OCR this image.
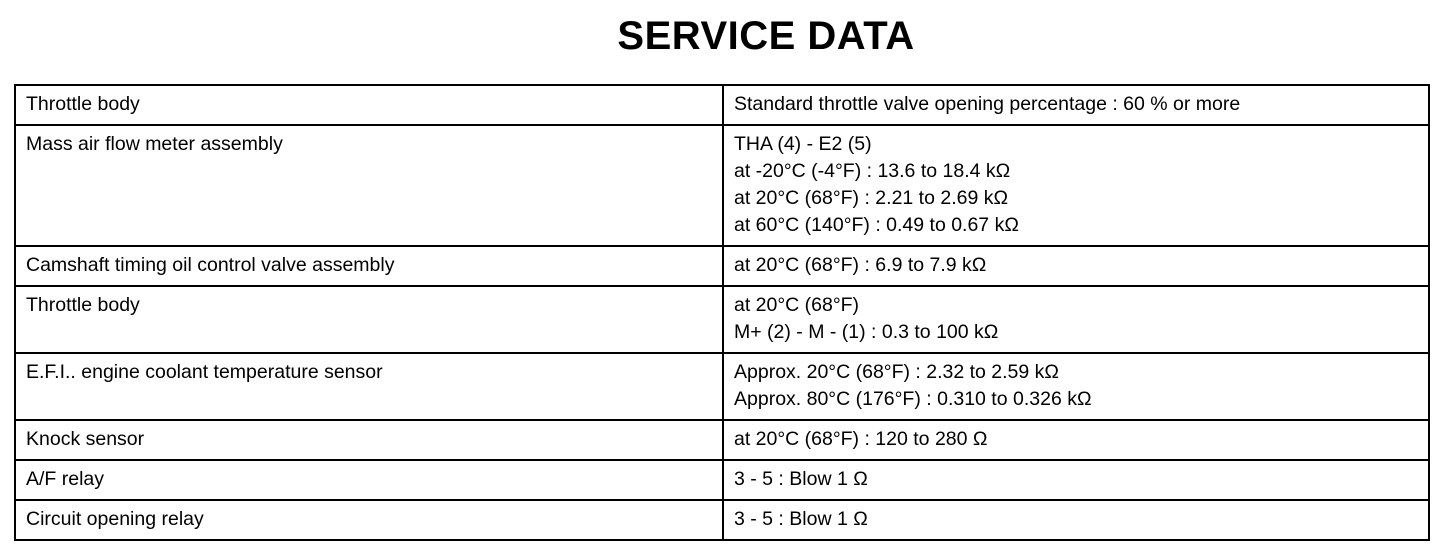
SERVICE DATA
Throttle body	Standard throttle valve opening percentage : 60 % or more

Mass air flow meter assembly	THA (4) - E2 (5)
at -20°C (-4°F) : 13.6 to 18.4 kΩ
at 20°C (68°F) : 2.21 to 2.69 kΩ
at 60°C (140°F) : 0.49 to 0.67 kΩ

Camshaft timing oil control valve assembly	at 20°C (68°F) : 6.9 to 7.9 kΩ

Throttle body	at 20°C (68°F)
M+ (2) - M - (1) : 0.3 to 100 kΩ

E.F.I.. engine coolant temperature sensor	Approx. 20°C (68°F) : 2.32 to 2.59 kΩ
Approx. 80°C (176°F) : 0.310 to 0.326 kΩ

Knock sensor	at 20°C (68°F) : 120 to 280 Ω

A/F relay	3 - 5 : Blow 1 Ω

Circuit opening relay	3 - 5 : Blow 1 Ω
